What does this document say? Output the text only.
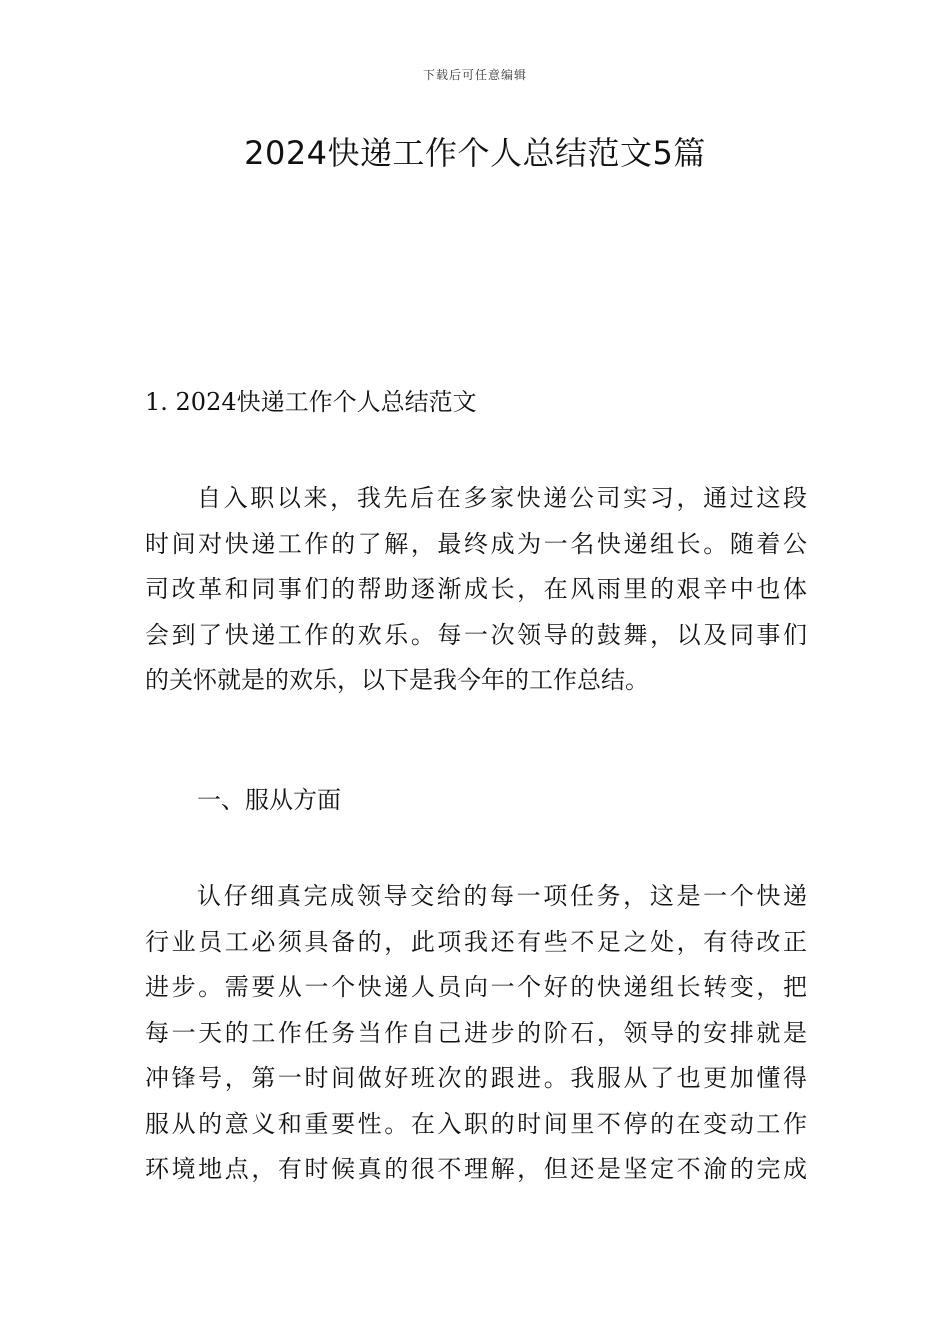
下载后可任意编辑
2024快递工作个人总结范文5篇
1. 2024快递工作个人总结范文
自入职以来，我先后在多家快递公司实习，通过这段
时间对快递工作的了解，最终成为一名快递组长。随着公
司改革和同事们的帮助逐渐成长，在风雨里的艰辛中也体
会到了快递工作的欢乐。每一次领导的鼓舞，以及同事们
的关怀就是的欢乐，以下是我今年的工作总结。
一、服从方面
认仔细真完成领导交给的每一项任务，这是一个快递
行业员工必须具备的，此项我还有些不足之处，有待改正
进步。需要从一个快递人员向一个好的快递组长转变，把
每一天的工作任务当作自己进步的阶石，领导的安排就是
冲锋号，第一时间做好班次的跟进。我服从了也更加懂得
服从的意义和重要性。在入职的时间里不停的在变动工作
环境地点，有时候真的很不理解，但还是坚定不渝的完成
